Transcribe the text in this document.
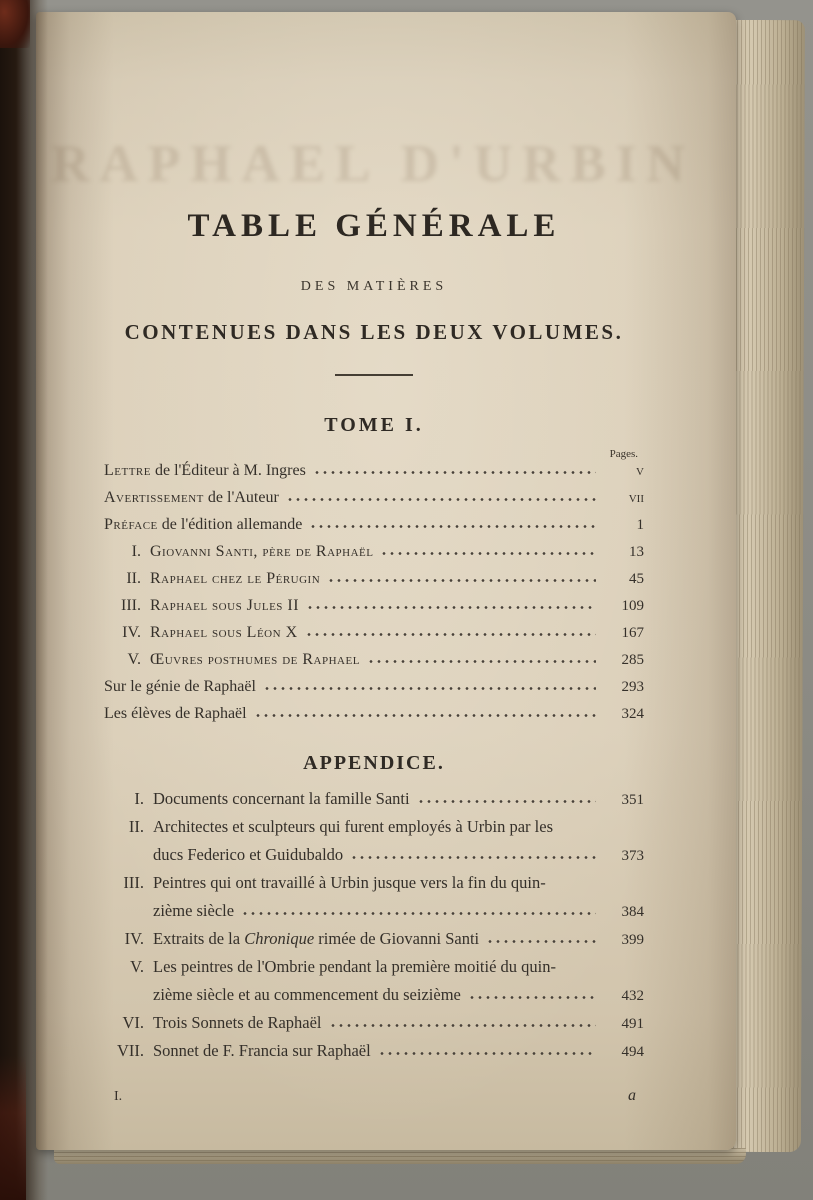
RAPHAEL D'URBIN
TABLE GÉNÉRALE
DES MATIÈRES
CONTENUES DANS LES DEUX VOLUMES.
TOME I.
Pages.
Lettre de l'Éditeur à M. Ingres	v
Avertissement de l'Auteur	vii
Préface de l'édition allemande	1
I. Giovanni Santi, père de Raphaël	13
II. Raphael chez le Pérugin	45
III. Raphael sous Jules II	109
IV. Raphael sous Léon X	167
V. Œuvres posthumes de Raphael	285
Sur le génie de Raphaël	293
Les élèves de Raphaël	324
APPENDICE.
I. Documents concernant la famille Santi	351
II. Architectes et sculpteurs qui furent employés à Urbin par les
ducs Federico et Guidubaldo	373
III. Peintres qui ont travaillé à Urbin jusque vers la fin du quin-
zième siècle	384
IV. Extraits de la Chronique rimée de Giovanni Santi	399
V. Les peintres de l'Ombrie pendant la première moitié du quin-
zième siècle et au commencement du seizième	432
VI. Trois Sonnets de Raphaël	491
VII. Sonnet de F. Francia sur Raphaël	494
I.	a
